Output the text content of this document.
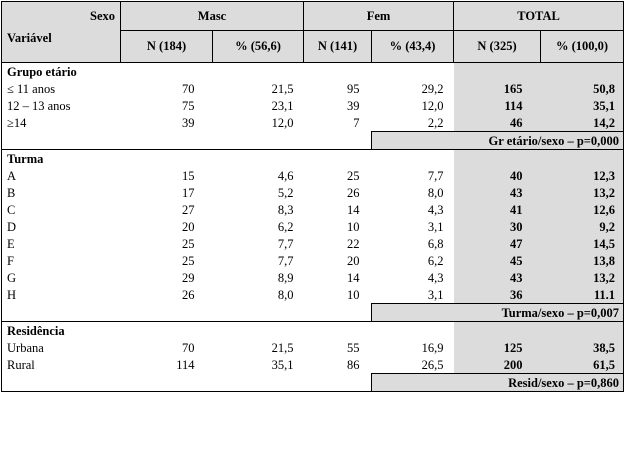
Sexo	Masc		Fem		TOTAL	
Variável	N (184)	% (56,6)	N (141)	% (43,4)	N (325)	% (100,0)
Grupo etário						
≤ 11 anos	70	21,5	95	29,2	165	50,8
12 – 13 anos	75	23,1	39	12,0	114	35,1
≥14	39	12,0	7	2,2	46	14,2
				Gr etário/sexo – p=0,000		
Turma						
A	15	4,6	25	7,7	40	12,3
B	17	5,2	26	8,0	43	13,2
C	27	8,3	14	4,3	41	12,6
D	20	6,2	10	3,1	30	9,2
E	25	7,7	22	6,8	47	14,5
F	25	7,7	20	6,2	45	13,8
G	29	8,9	14	4,3	43	13,2
H	26	8,0	10	3,1	36	11.1
				Turma/sexo – p=0,007		
Residência						
Urbana	70	21,5	55	16,9	125	38,5
Rural	114	35,1	86	26,5	200	61,5
				Resid/sexo – p=0,860		
